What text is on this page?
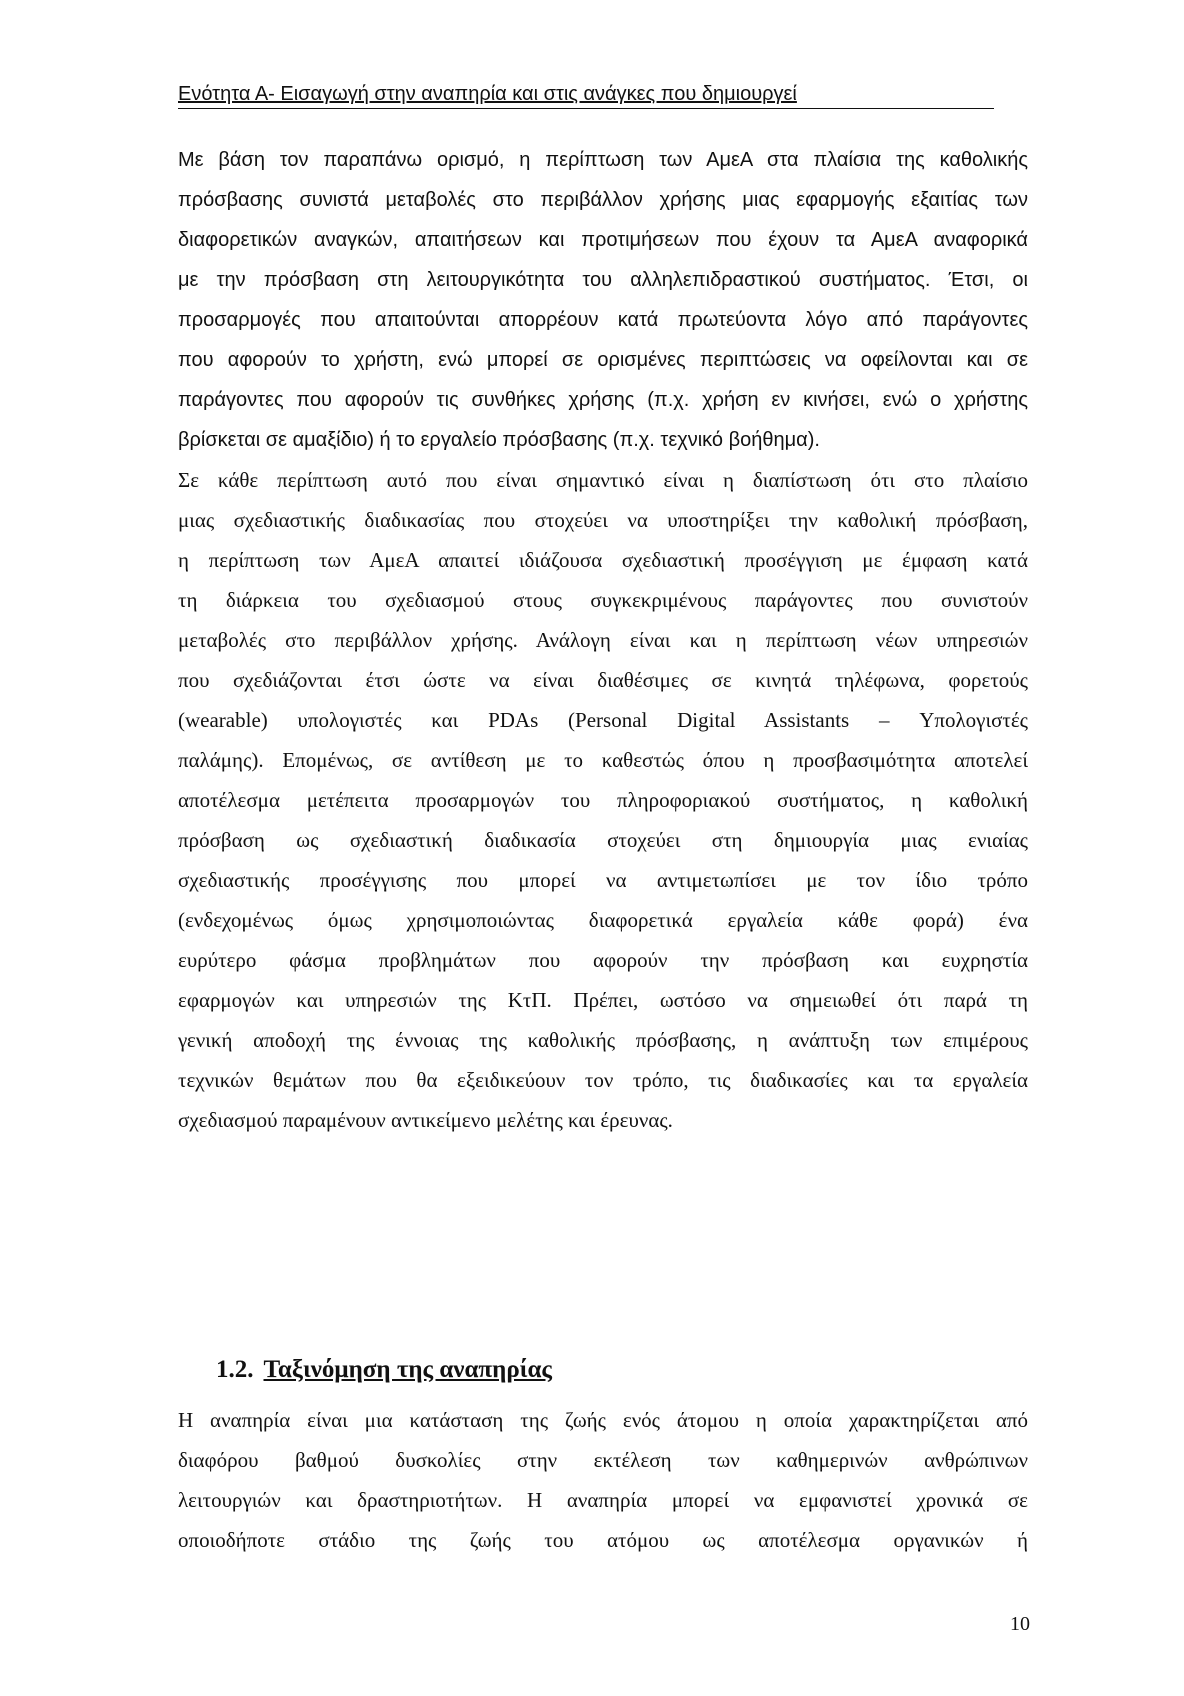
Ενότητα Α- Εισαγωγή στην αναπηρία και στις ανάγκες που δημιουργεί
Με βάση τον παραπάνω ορισμό, η περίπτωση των ΑμεΑ στα πλαίσια της καθολικής
πρόσβασης συνιστά μεταβολές στο περιβάλλον χρήσης μιας εφαρμογής εξαιτίας των
διαφορετικών αναγκών, απαιτήσεων και προτιμήσεων που έχουν τα ΑμεΑ αναφορικά
με την πρόσβαση στη λειτουργικότητα του αλληλεπιδραστικού συστήματος. Έτσι, οι
προσαρμογές που απαιτούνται απορρέουν κατά πρωτεύοντα λόγο από παράγοντες
που αφορούν το χρήστη, ενώ μπορεί σε ορισμένες περιπτώσεις να οφείλονται και σε
παράγοντες που αφορούν τις συνθήκες χρήσης (π.χ. χρήση εν κινήσει, ενώ ο χρήστης
βρίσκεται σε αμαξίδιο) ή το εργαλείο πρόσβασης (π.χ. τεχνικό βοήθημα).
Σε κάθε περίπτωση αυτό που είναι σημαντικό είναι η διαπίστωση ότι στο πλαίσιο
μιας σχεδιαστικής διαδικασίας που στοχεύει να υποστηρίξει την καθολική πρόσβαση,
η περίπτωση των ΑμεΑ απαιτεί ιδιάζουσα σχεδιαστική προσέγγιση με έμφαση κατά
τη διάρκεια του σχεδιασμού στους συγκεκριμένους παράγοντες που συνιστούν
μεταβολές στο περιβάλλον χρήσης. Ανάλογη είναι και η περίπτωση νέων υπηρεσιών
που σχεδιάζονται έτσι ώστε να είναι διαθέσιμες σε κινητά τηλέφωνα, φορετούς
(wearable) υπολογιστές και PDAs (Personal Digital Assistants – Υπολογιστές
παλάμης). Επομένως, σε αντίθεση με το καθεστώς όπου η προσβασιμότητα αποτελεί
αποτέλεσμα μετέπειτα προσαρμογών του πληροφοριακού συστήματος, η καθολική
πρόσβαση ως σχεδιαστική διαδικασία στοχεύει στη δημιουργία μιας ενιαίας
σχεδιαστικής προσέγγισης που μπορεί να αντιμετωπίσει με τον ίδιο τρόπο
(ενδεχομένως όμως χρησιμοποιώντας διαφορετικά εργαλεία κάθε φορά) ένα
ευρύτερο φάσμα προβλημάτων που αφορούν την πρόσβαση και ευχρηστία
εφαρμογών και υπηρεσιών της ΚτΠ. Πρέπει, ωστόσο να σημειωθεί ότι παρά τη
γενική αποδοχή της έννοιας της καθολικής πρόσβασης, η ανάπτυξη των επιμέρους
τεχνικών θεμάτων που θα εξειδικεύουν τον τρόπο, τις διαδικασίες και τα εργαλεία
σχεδιασμού παραμένουν αντικείμενο μελέτης και έρευνας.
1.2. Ταξινόμηση της αναπηρίας
Η αναπηρία είναι μια κατάσταση της ζωής ενός άτομου η οποία χαρακτηρίζεται από
διαφόρου βαθμού δυσκολίες στην εκτέλεση των καθημερινών ανθρώπινων
λειτουργιών και δραστηριοτήτων. Η αναπηρία μπορεί να εμφανιστεί χρονικά σε
οποιοδήποτε στάδιο της ζωής του ατόμου ως αποτέλεσμα οργανικών ή
10
